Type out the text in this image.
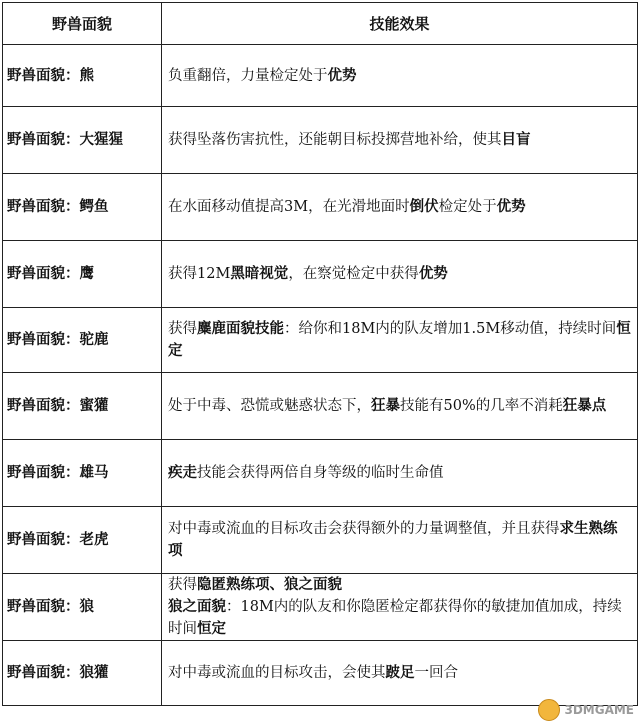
野兽面貌	技能效果
野兽面貌：熊	负重翻倍，力量检定处于优势
野兽面貌：大猩猩	获得坠落伤害抗性，还能朝目标投掷营地补给，使其目盲
野兽面貌：鳄鱼	在水面移动值提高3M，在光滑地面时倒伏检定处于优势
野兽面貌：鹰	获得12M黑暗视觉，在察觉检定中获得优势
野兽面貌：驼鹿	获得麋鹿面貌技能：给你和18M内的队友增加1.5M移动值，持续时间恒定
野兽面貌：蜜獾	处于中毒、恐慌或魅惑状态下，狂暴技能有50%的几率不消耗狂暴点
野兽面貌：雄马	疾走技能会获得两倍自身等级的临时生命值
野兽面貌：老虎	对中毒或流血的目标攻击会获得额外的力量调整值，并且获得求生熟练项
野兽面貌：狼	获得隐匿熟练项、狼之面貌
狼之面貌：18M内的队友和你隐匿检定都获得你的敏捷加值加成，持续时间恒定
野兽面貌：狼獾	对中毒或流血的目标攻击，会使其跛足一回合
3DMGAME
